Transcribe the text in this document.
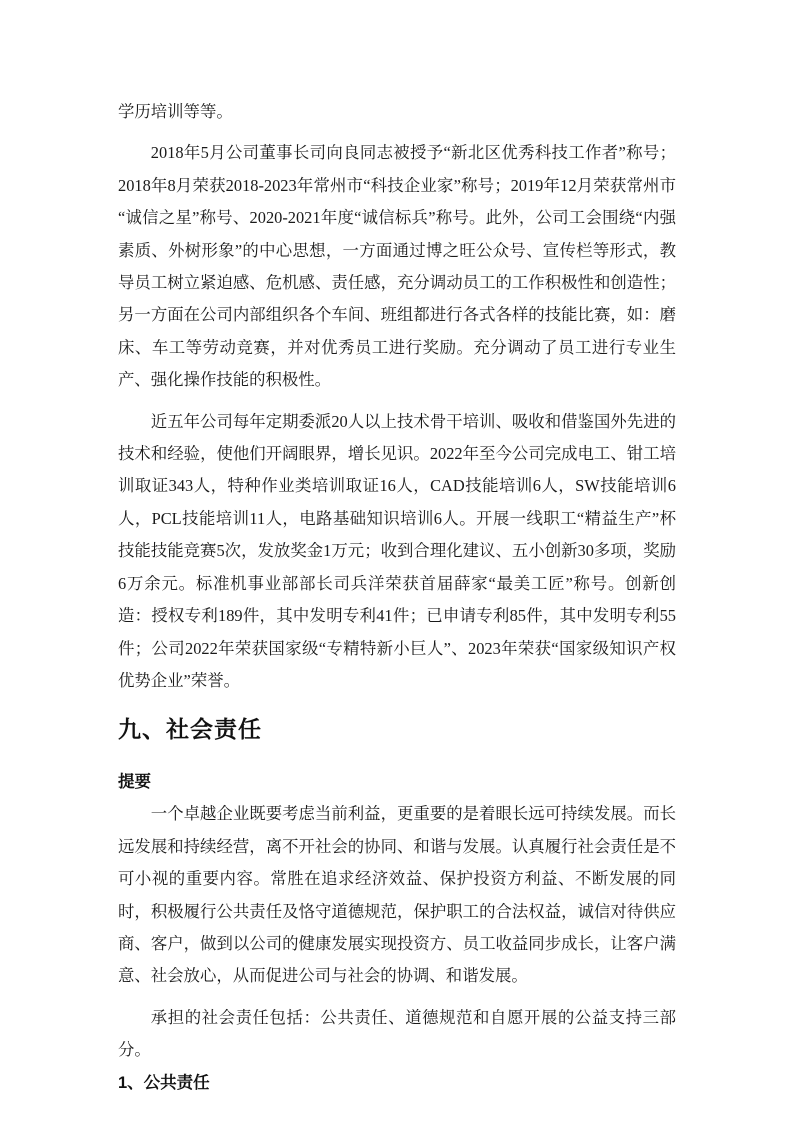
学历培训等等。

2018年5月公司董事长司向良同志被授予“新北区优秀科技工作者”称号；2018年8月荣获2018-2023年常州市“科技企业家”称号；2019年12月荣获常州市“诚信之星”称号、2020-2021年度“诚信标兵”称号。此外，公司工会围绕“内强素质、外树形象”的中心思想，一方面通过博之旺公众号、宣传栏等形式，教导员工树立紧迫感、危机感、责任感，充分调动员工的工作积极性和创造性；另一方面在公司内部组织各个车间、班组都进行各式各样的技能比赛，如：磨床、车工等劳动竞赛，并对优秀员工进行奖励。充分调动了员工进行专业生产、强化操作技能的积极性。

近五年公司每年定期委派20人以上技术骨干培训、吸收和借鉴国外先进的技术和经验，使他们开阔眼界，增长见识。2022年至今公司完成电工、钳工培训取证343人，特种作业类培训取证16人，CAD技能培训6人，SW技能培训6人，PCL技能培训11人，电路基础知识培训6人。开展一线职工“精益生产”杯技能技能竞赛5次，发放奖金1万元；收到合理化建议、五小创新30多项，奖励6万余元。标准机事业部部长司兵洋荣获首届薛家“最美工匠”称号。创新创造：授权专利189件，其中发明专利41件；已申请专利85件，其中发明专利55件；公司2022年荣获国家级“专精特新小巨人”、2023年荣获“国家级知识产权优势企业”荣誉。

九、社会责任
提要

一个卓越企业既要考虑当前利益，更重要的是着眼长远可持续发展。而长远发展和持续经营，离不开社会的协同、和谐与发展。认真履行社会责任是不可小视的重要内容。常胜在追求经济效益、保护投资方利益、不断发展的同时，积极履行公共责任及恪守道德规范，保护职工的合法权益，诚信对待供应商、客户，做到以公司的健康发展实现投资方、员工收益同步成长，让客户满意、社会放心，从而促进公司与社会的协调、和谐发展。

承担的社会责任包括：公共责任、道德规范和自愿开展的公益支持三部分。

1、公共责任
